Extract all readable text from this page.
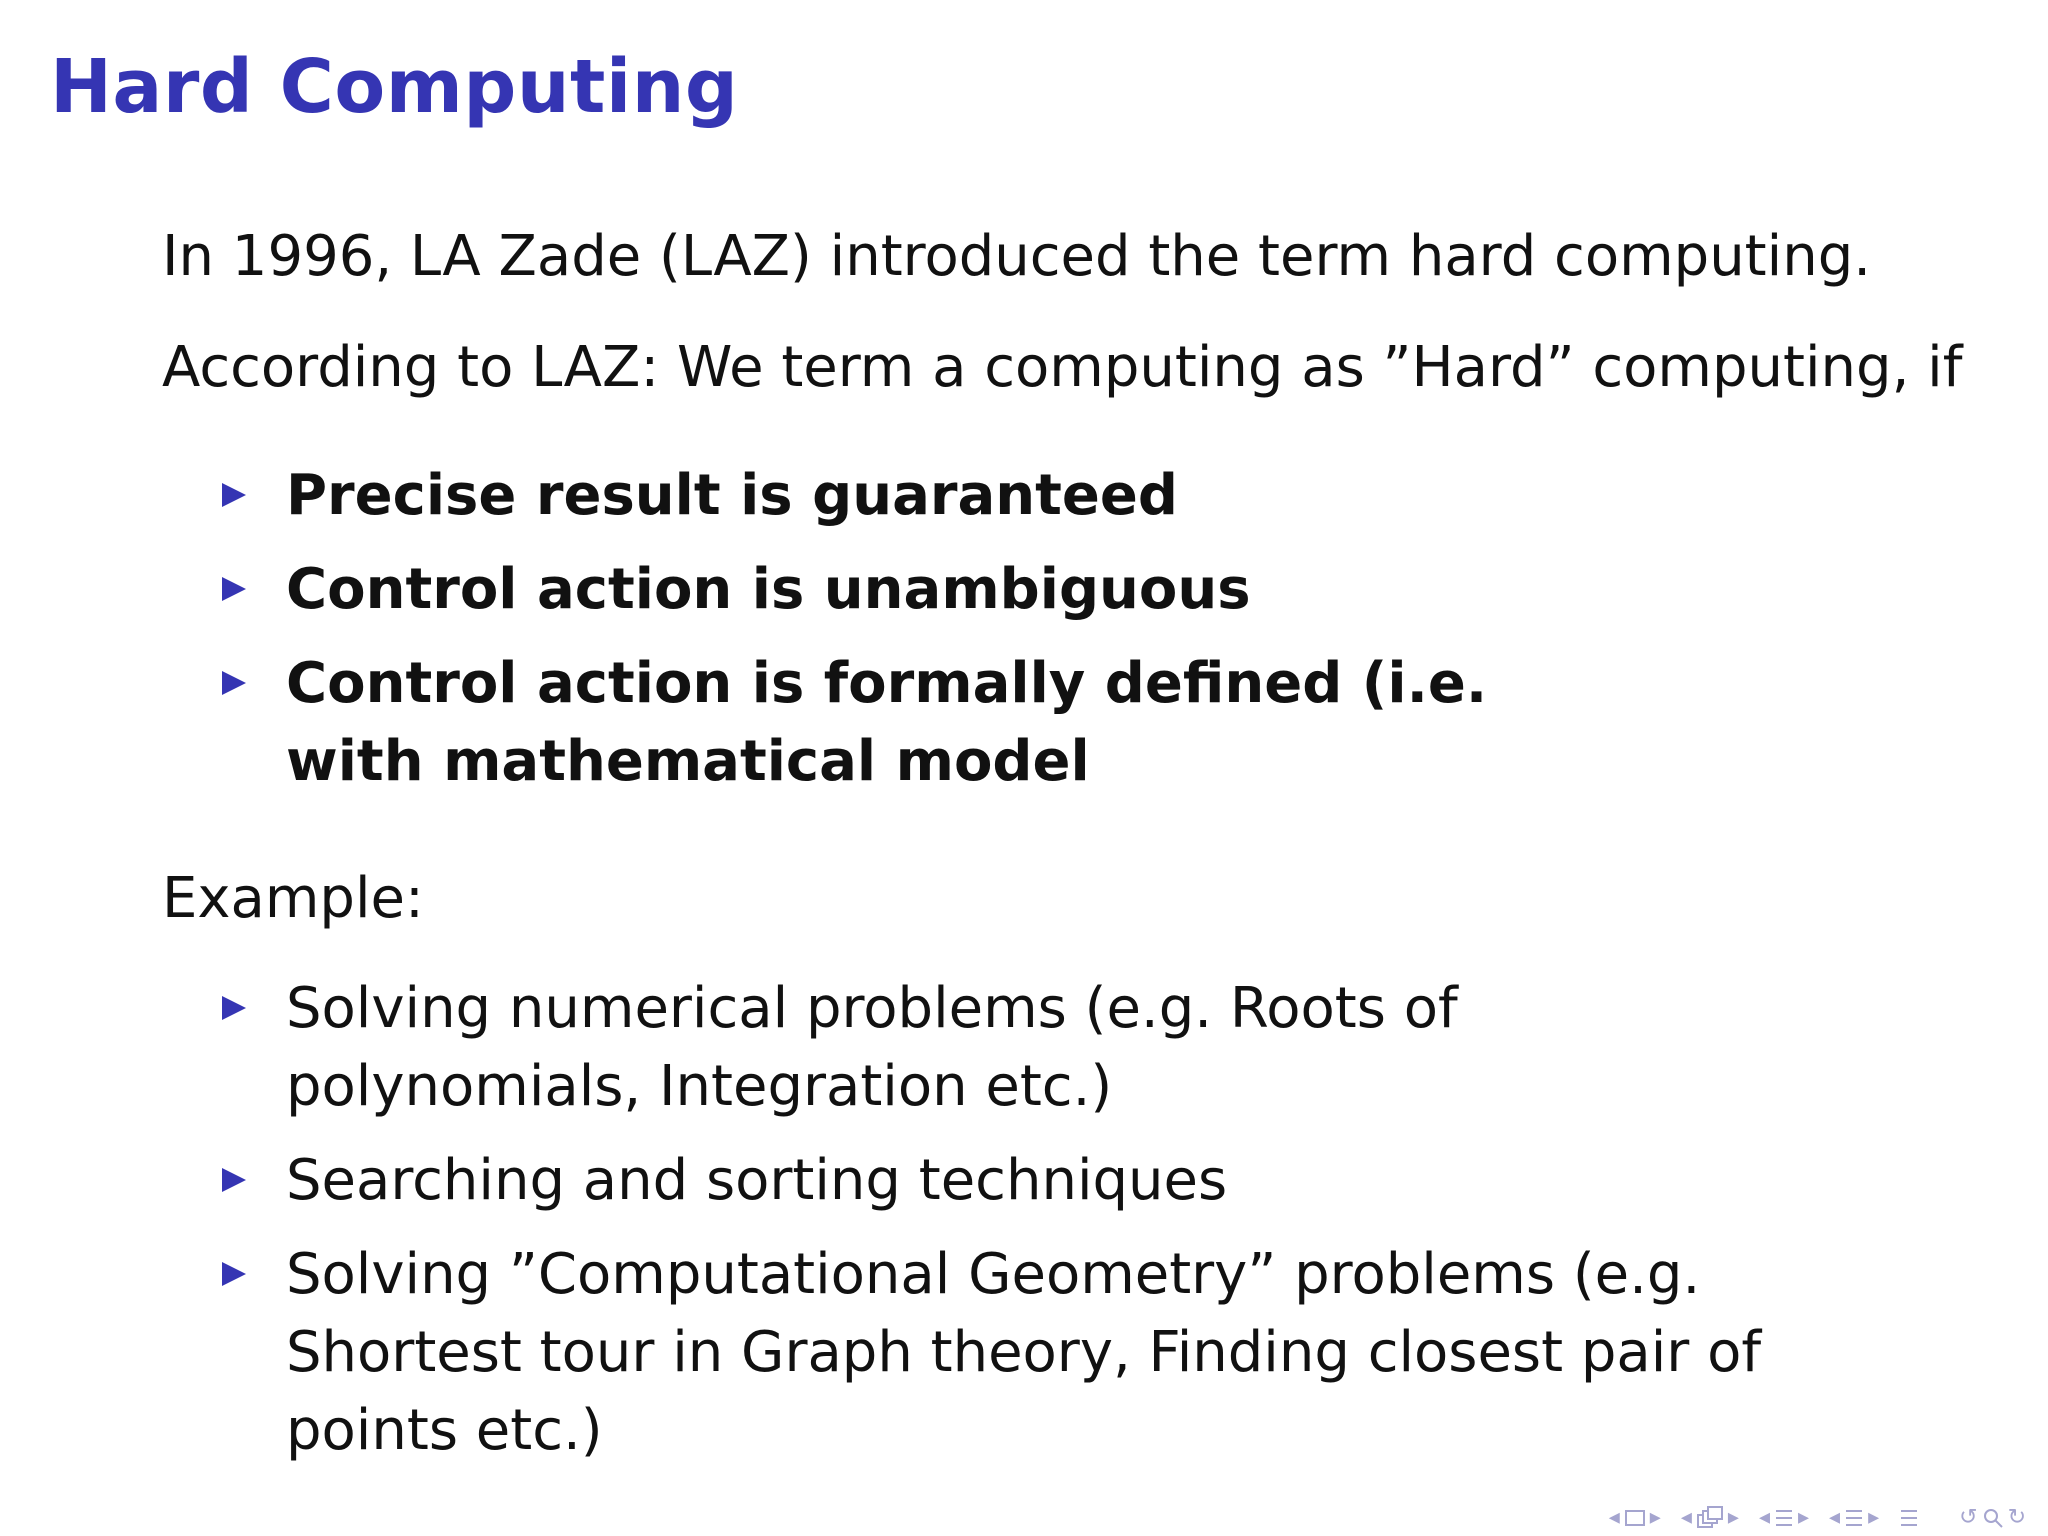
Hard Computing
In 1996, LA Zade (LAZ) introduced the term hard computing.
According to LAZ: We term a computing as ”Hard” computing, if
Precise result is guaranteed
Control action is unambiguous
Control action is formally defined (i.e. with mathematical model
Example:
Solving numerical problems (e.g. Roots of polynomials, Integration etc.)
Searching and sorting techniques
Solving ”Computational Geometry” problems (e.g. Shortest tour in Graph theory, Finding closest pair of points etc.)
◂ ▸ ◂ ▸ ◂ ▸ ◂ ▸	↺ ↻
